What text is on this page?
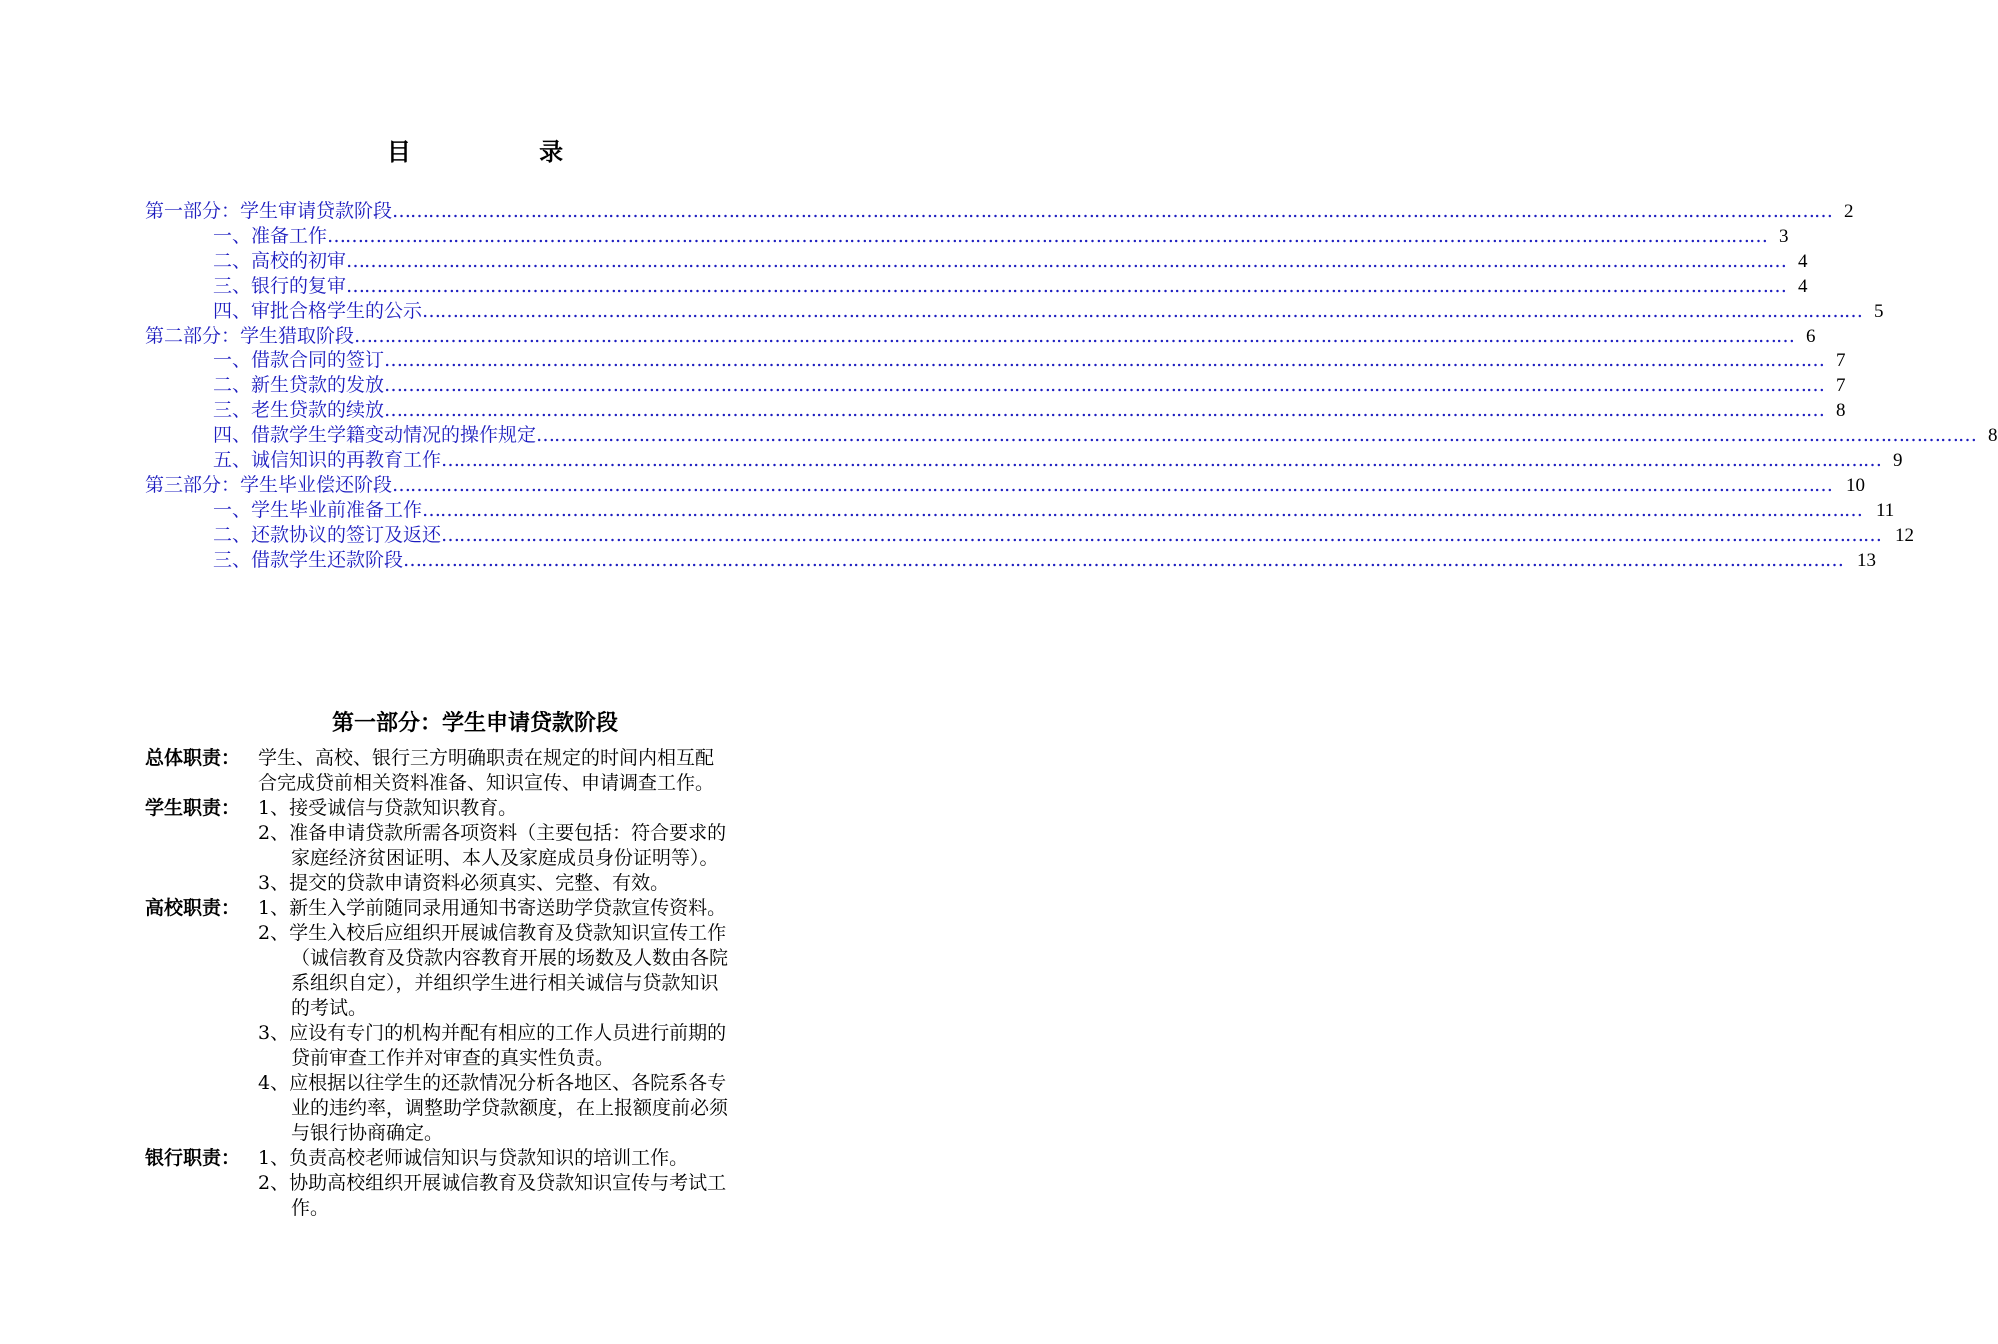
目 录
第一部分：学生审请贷款阶段 …………………………………………………………………………………………………………………………………………………………………………………………………………………… 2
一、准备工作 …………………………………………………………………………………………………………………………………………………………………………………………………………………… 3
二、高校的初审 …………………………………………………………………………………………………………………………………………………………………………………………………………………… 4
三、银行的复审 …………………………………………………………………………………………………………………………………………………………………………………………………………………… 4
四、审批合格学生的公示 …………………………………………………………………………………………………………………………………………………………………………………………………………………… 5
第二部分：学生猎取阶段 …………………………………………………………………………………………………………………………………………………………………………………………………………………… 6
一、借款合同的签订 …………………………………………………………………………………………………………………………………………………………………………………………………………………… 7
二、新生贷款的发放 …………………………………………………………………………………………………………………………………………………………………………………………………………………… 7
三、老生贷款的续放 …………………………………………………………………………………………………………………………………………………………………………………………………………………… 8
四、借款学生学籍变动情况的操作规定 …………………………………………………………………………………………………………………………………………………………………………………………………………………… 8
五、诚信知识的再教育工作 …………………………………………………………………………………………………………………………………………………………………………………………………………………… 9
第三部分：学生毕业偿还阶段 …………………………………………………………………………………………………………………………………………………………………………………………………………………… 10
一、学生毕业前准备工作 …………………………………………………………………………………………………………………………………………………………………………………………………………………… 11
二、还款协议的签订及返还 …………………………………………………………………………………………………………………………………………………………………………………………………………………… 12
三、借款学生还款阶段 …………………………………………………………………………………………………………………………………………………………………………………………………………………… 13
第一部分：学生申请贷款阶段
总体职责： 学生、高校、银行三方明确职责在规定的时间内相互配
合完成贷前相关资料准备、知识宣传、申请调查工作。
学生职责： 1、接受诚信与贷款知识教育。
2、准备申请贷款所需各项资料（主要包括：符合要求的
家庭经济贫困证明、本人及家庭成员身份证明等）。
3、提交的贷款申请资料必须真实、完整、有效。
高校职责： 1、新生入学前随同录用通知书寄送助学贷款宣传资料。
2、学生入校后应组织开展诚信教育及贷款知识宣传工作
（诚信教育及贷款内容教育开展的场数及人数由各院
系组织自定），并组织学生进行相关诚信与贷款知识
的考试。
3、应设有专门的机构并配有相应的工作人员进行前期的
贷前审查工作并对审查的真实性负责。
4、应根据以往学生的还款情况分析各地区、各院系各专
业的违约率，调整助学贷款额度，在上报额度前必须
与银行协商确定。
银行职责： 1、负责高校老师诚信知识与贷款知识的培训工作。
2、协助高校组织开展诚信教育及贷款知识宣传与考试工
作。
